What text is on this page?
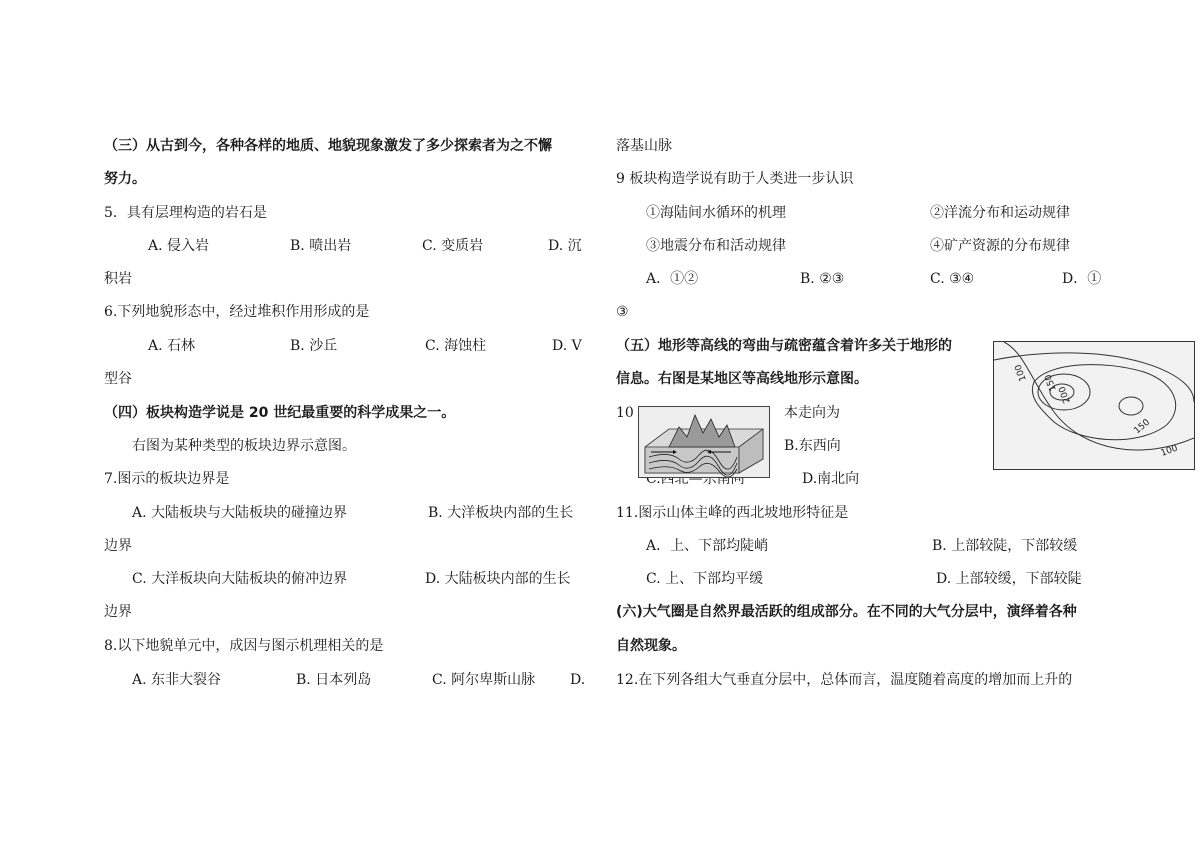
（三）从古到今，各种各样的地质、地貌现象激发了多少探索者为之不懈
努力。
5．具有层理构造的岩石是
A. 侵入岩	B. 喷出岩	C. 变质岩	D. 沉
积岩
6.下列地貌形态中，经过堆积作用形成的是
A. 石林	B. 沙丘	C. 海蚀柱	D. V
型谷
（四）板块构造学说是 20 世纪最重要的科学成果之一。
右图为某种类型的板块边界示意图。
7.图示的板块边界是
A. 大陆板块与大陆板块的碰撞边界	B. 大洋板块内部的生长
边界
C. 大洋板块向大陆板块的俯冲边界	D. 大陆板块内部的生长
边界
8.以下地貌单元中，成因与图示机理相关的是
A. 东非大裂谷	B. 日本列岛	C. 阿尔卑斯山脉 D.
落基山脉
9 板块构造学说有助于人类进一步认识
①海陆间水循环的机理	②洋流分布和运动规律
③地震分布和活动规律	④矿产资源的分布规律
A．①②	B. ②③	C. ③④	D．①
③
（五）地形等高线的弯曲与疏密蕴含着许多关于地形的
信息。右图是某地区等高线地形示意图。
10	本走向为
B.东西向
D.南北向
11.图示山体主峰的西北坡地形特征是
A．上、下部均陡峭	B. 上部较陡，下部较缓
C. 上、下部均平缓	D. 上部较缓，下部较陡
(六)大气圈是自然界最活跃的组成部分。在不同的大气分层中，演绎着各种
自然现象。
12.在下列各组大气垂直分层中，总体而言，温度随着高度的增加而上升的
100
150
200
150
100
